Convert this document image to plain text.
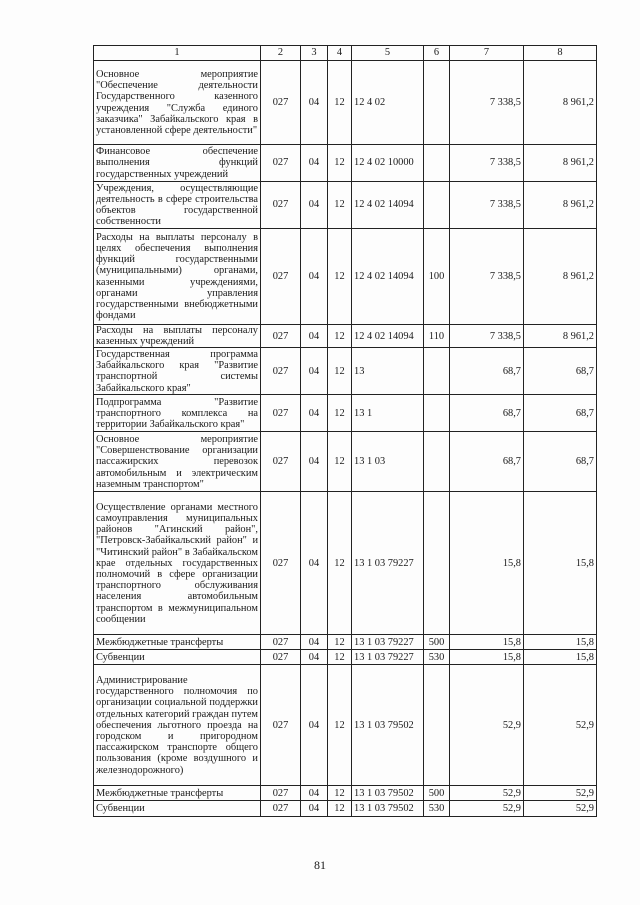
1	2	3	4	5	6	7	8
Основное мероприятие "Обеспечение деятельности Государственного казенного учреждения "Служба единого заказчика" Забайкальского края в установленной сфере деятельности"	027	04	12	12 4 02		7 338,5	8 961,2
Финансовое обеспечение выполнения функций государственных учреждений	027	04	12	12 4 02 10000		7 338,5	8 961,2
Учреждения, осуществляющие деятельность в сфере строительства объектов государственной собственности	027	04	12	12 4 02 14094		7 338,5	8 961,2
Расходы на выплаты персоналу в целях обеспечения выполнения функций государственными (муниципальными) органами, казенными учреждениями, органами управления государственными внебюджетными фондами	027	04	12	12 4 02 14094	100	7 338,5	8 961,2
Расходы на выплаты персоналу казенных учреждений	027	04	12	12 4 02 14094	110	7 338,5	8 961,2
Государственная программа Забайкальского края "Развитие транспортной системы Забайкальского края"	027	04	12	13		68,7	68,7
Подпрограмма "Развитие транспортного комплекса на территории Забайкальского края"	027	04	12	13 1		68,7	68,7
Основное мероприятие "Совершенствование организации пассажирских перевозок автомобильным и электрическим наземным транспортом"	027	04	12	13 1 03		68,7	68,7
Осуществление органами местного самоуправления муниципальных районов "Агинский район", "Петровск-Забайкальский район" и "Читинский район" в Забайкальском крае отдельных государственных полномочий в сфере организации транспортного обслуживания населения автомобильным транспортом в межмуниципальном сообщении	027	04	12	13 1 03 79227		15,8	15,8
Межбюджетные трансферты	027	04	12	13 1 03 79227	500	15,8	15,8
Субвенции	027	04	12	13 1 03 79227	530	15,8	15,8
Администрирование государственного полномочия по организации социальной поддержки отдельных категорий граждан путем обеспечения льготного проезда на городском и пригородном пассажирском транспорте общего пользования (кроме воздушного и железнодорожного)	027	04	12	13 1 03 79502		52,9	52,9
Межбюджетные трансферты	027	04	12	13 1 03 79502	500	52,9	52,9
Субвенции	027	04	12	13 1 03 79502	530	52,9	52,9
81
